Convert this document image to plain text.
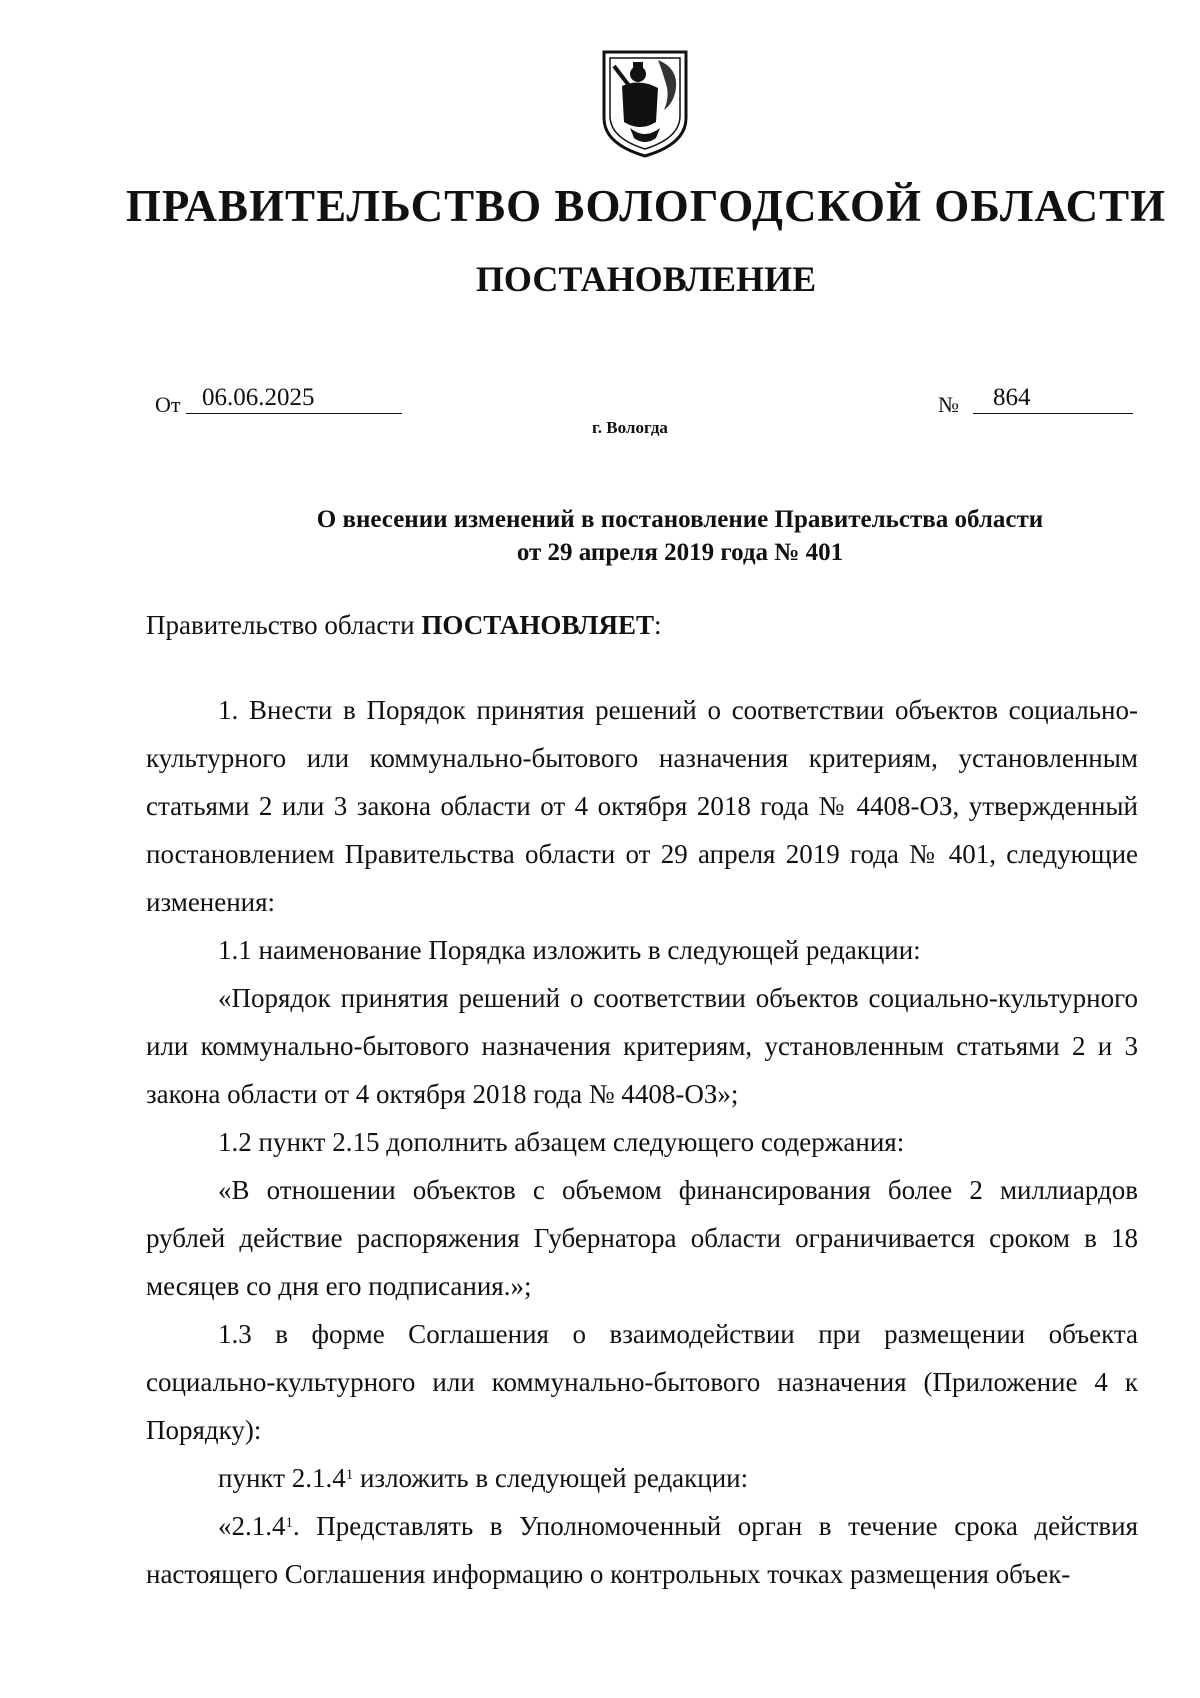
ПРАВИТЕЛЬСТВО ВОЛОГОДСКОЙ ОБЛАСТИ
ПОСТАНОВЛЕНИЕ
От 06.06.2025	№	864
г. Вологда
О внесении изменений в постановление Правительства области
от 29 апреля 2019 года № 401
Правительство области ПОСТАНОВЛЯЕТ:

1. Внести в Порядок принятия решений о соответствии объектов социально-культурного или коммунально-бытового назначения критериям, установленным статьями 2 или 3 закона области от 4 октября 2018 года № 4408-ОЗ, утвержденный постановлением Правительства области от 29 апреля 2019 года № 401, следующие изменения:

1.1 наименование Порядка изложить в следующей редакции:

«Порядок принятия решений о соответствии объектов социально-культурного или коммунально-бытового назначения критериям, установленным статьями 2 и 3 закона области от 4 октября 2018 года № 4408-ОЗ»;

1.2 пункт 2.15 дополнить абзацем следующего содержания:

«В отношении объектов с объемом финансирования более 2 миллиардов рублей действие распоряжения Губернатора области ограничивается сроком в 18 месяцев со дня его подписания.»;

1.3 в форме Соглашения о взаимодействии при размещении объекта социально-культурного или коммунально-бытового назначения (Приложение 4 к Порядку):

пункт 2.1.4$^1$ изложить в следующей редакции:

«2.1.4$^1$. Представлять в Уполномоченный орган в течение срока действия настоящего Соглашения информацию о контрольных точках размещения объек-
